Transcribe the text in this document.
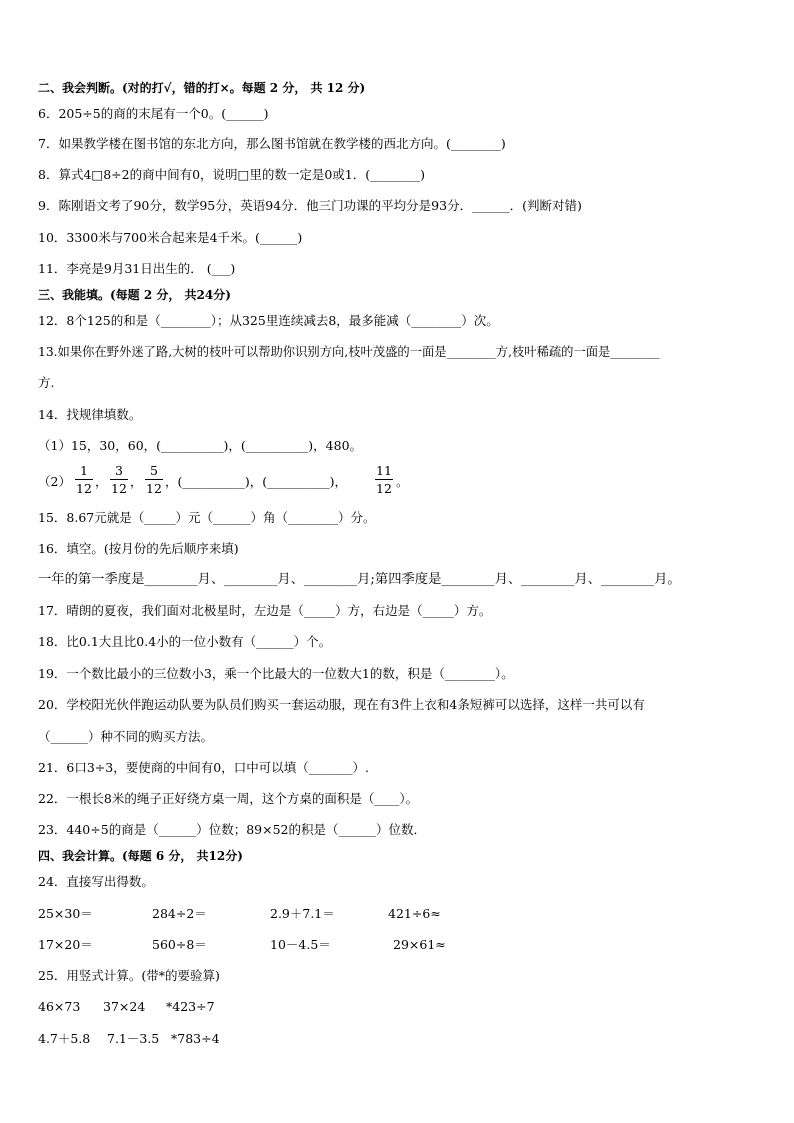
二、我会判断。(对的打√，错的打×。每题 2 分， 共 12 分)
6．205÷5的商的末尾有一个0。(______)
7．如果教学楼在图书馆的东北方向，那么图书馆就在教学楼的西北方向。(________)
8．算式4□8÷2的商中间有0，说明□里的数一定是0或1．(________)
9．陈刚语文考了90分，数学95分，英语94分．他三门功课的平均分是93分．______．(判断对错)
10．3300米与700米合起来是4千米。(______)
11．李亮是9月31日出生的． (___)
三、我能填。(每题 2 分， 共24分)
12．8个125的和是（________）；从325里连续减去8，最多能减（________）次。
13.如果你在野外迷了路,大树的枝叶可以帮助你识别方向,枝叶茂盛的一面是________方,枝叶稀疏的一面是________
方.
14．找规律填数。
（1）15，30，60，(__________)，(__________)，480。
（2）
1
12 ，
3
12 ，
5
12 ，(__________)，(__________)，
11
12 。
15．8.67元就是（_____）元（______）角（________）分。
16．填空。(按月份的先后顺序来填)
一年的第一季度是________月、________月、________月;第四季度是________月、________月、________月。
17．晴朗的夏夜，我们面对北极星时，左边是（_____）方，右边是（_____）方。
18．比0.1大且比0.4小的一位小数有（______）个。
19．一个数比最小的三位数小3，乘一个比最大的一位数大1的数，积是（________）。
20．学校阳光伙伴跑运动队要为队员们购买一套运动服，现在有3件上衣和4条短裤可以选择，这样一共可以有
（______）种不同的购买方法。
21．6口3÷3，要使商的中间有0，口中可以填（_______）.
22．一根长8米的绳子正好绕方桌一周，这个方桌的面积是（____）。
23．440÷5的商是（______）位数；89×52的积是（______）位数．
四、我会计算。(每题 6 分， 共12分)
24．直接写出得数。
25×30＝	284÷2＝	2.9＋7.1＝	421÷6≈
17×20＝	560÷8＝	10－4.5＝	29×61≈
25．用竖式计算。(带*的要验算)
46×73 37×24 *423÷7
4.7＋5.8 7.1－3.5 *783÷4
